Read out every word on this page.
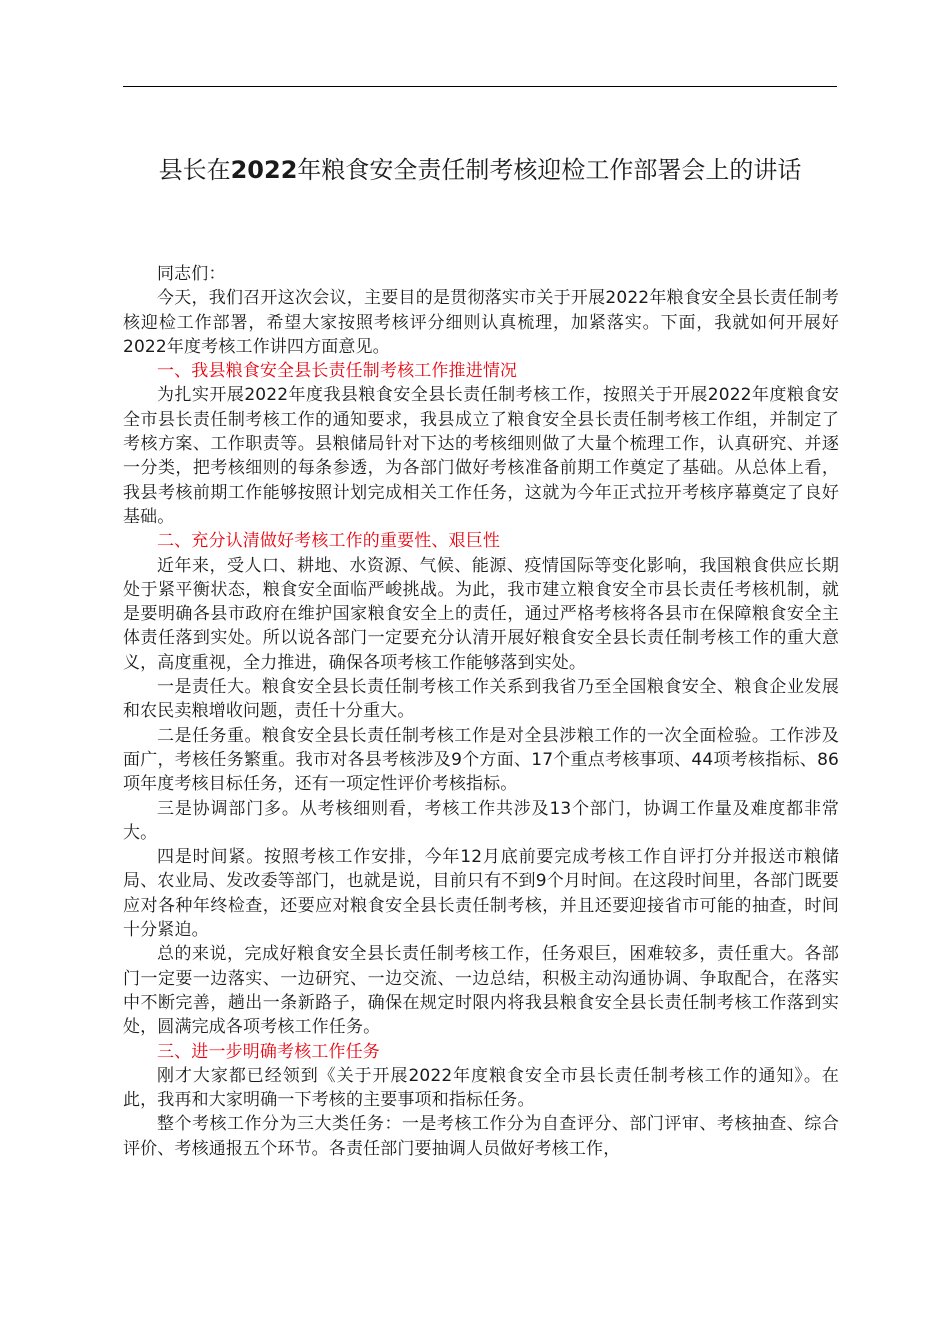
县长在2022年粮食安全责任制考核迎检工作部署会上的讲话

同志们：

今天，我们召开这次会议，主要目的是贯彻落实市关于开展2022年粮食安全县长责任制考核迎检工作部署，希望大家按照考核评分细则认真梳理，加紧落实。下面，我就如何开展好2022年度考核工作讲四方面意见。

一、我县粮食安全县长责任制考核工作推进情况

为扎实开展2022年度我县粮食安全县长责任制考核工作，按照关于开展2022年度粮食安全市县长责任制考核工作的通知要求，我县成立了粮食安全县长责任制考核工作组，并制定了考核方案、工作职责等。县粮储局针对下达的考核细则做了大量个梳理工作，认真研究、并逐一分类，把考核细则的每条参透，为各部门做好考核准备前期工作奠定了基础。从总体上看，我县考核前期工作能够按照计划完成相关工作任务，这就为今年正式拉开考核序幕奠定了良好基础。

二、充分认清做好考核工作的重要性、艰巨性

近年来，受人口、耕地、水资源、气候、能源、疫情国际等变化影响，我国粮食供应长期处于紧平衡状态，粮食安全面临严峻挑战。为此，我市建立粮食安全市县长责任考核机制，就是要明确各县市政府在维护国家粮食安全上的责任，通过严格考核将各县市在保障粮食安全主体责任落到实处。所以说各部门一定要充分认清开展好粮食安全县长责任制考核工作的重大意义，高度重视，全力推进，确保各项考核工作能够落到实处。

一是责任大。粮食安全县长责任制考核工作关系到我省乃至全国粮食安全、粮食企业发展和农民卖粮增收问题，责任十分重大。

二是任务重。粮食安全县长责任制考核工作是对全县涉粮工作的一次全面检验。工作涉及面广，考核任务繁重。我市对各县考核涉及9个方面、17个重点考核事项、44项考核指标、86项年度考核目标任务，还有一项定性评价考核指标。

三是协调部门多。从考核细则看，考核工作共涉及13个部门，协调工作量及难度都非常大。

四是时间紧。按照考核工作安排，今年12月底前要完成考核工作自评打分并报送市粮储局、农业局、发改委等部门，也就是说，目前只有不到9个月时间。在这段时间里，各部门既要应对各种年终检查，还要应对粮食安全县长责任制考核，并且还要迎接省市可能的抽查，时间十分紧迫。

总的来说，完成好粮食安全县长责任制考核工作，任务艰巨，困难较多，责任重大。各部门一定要一边落实、一边研究、一边交流、一边总结，积极主动沟通协调、争取配合，在落实中不断完善，趟出一条新路子，确保在规定时限内将我县粮食安全县长责任制考核工作落到实处，圆满完成各项考核工作任务。

三、进一步明确考核工作任务

刚才大家都已经领到《关于开展2022年度粮食安全市县长责任制考核工作的通知》。在此，我再和大家明确一下考核的主要事项和指标任务。

整个考核工作分为三大类任务：一是考核工作分为自查评分、部门评审、考核抽查、综合评价、考核通报五个环节。各责任部门要抽调人员做好考核工作，
